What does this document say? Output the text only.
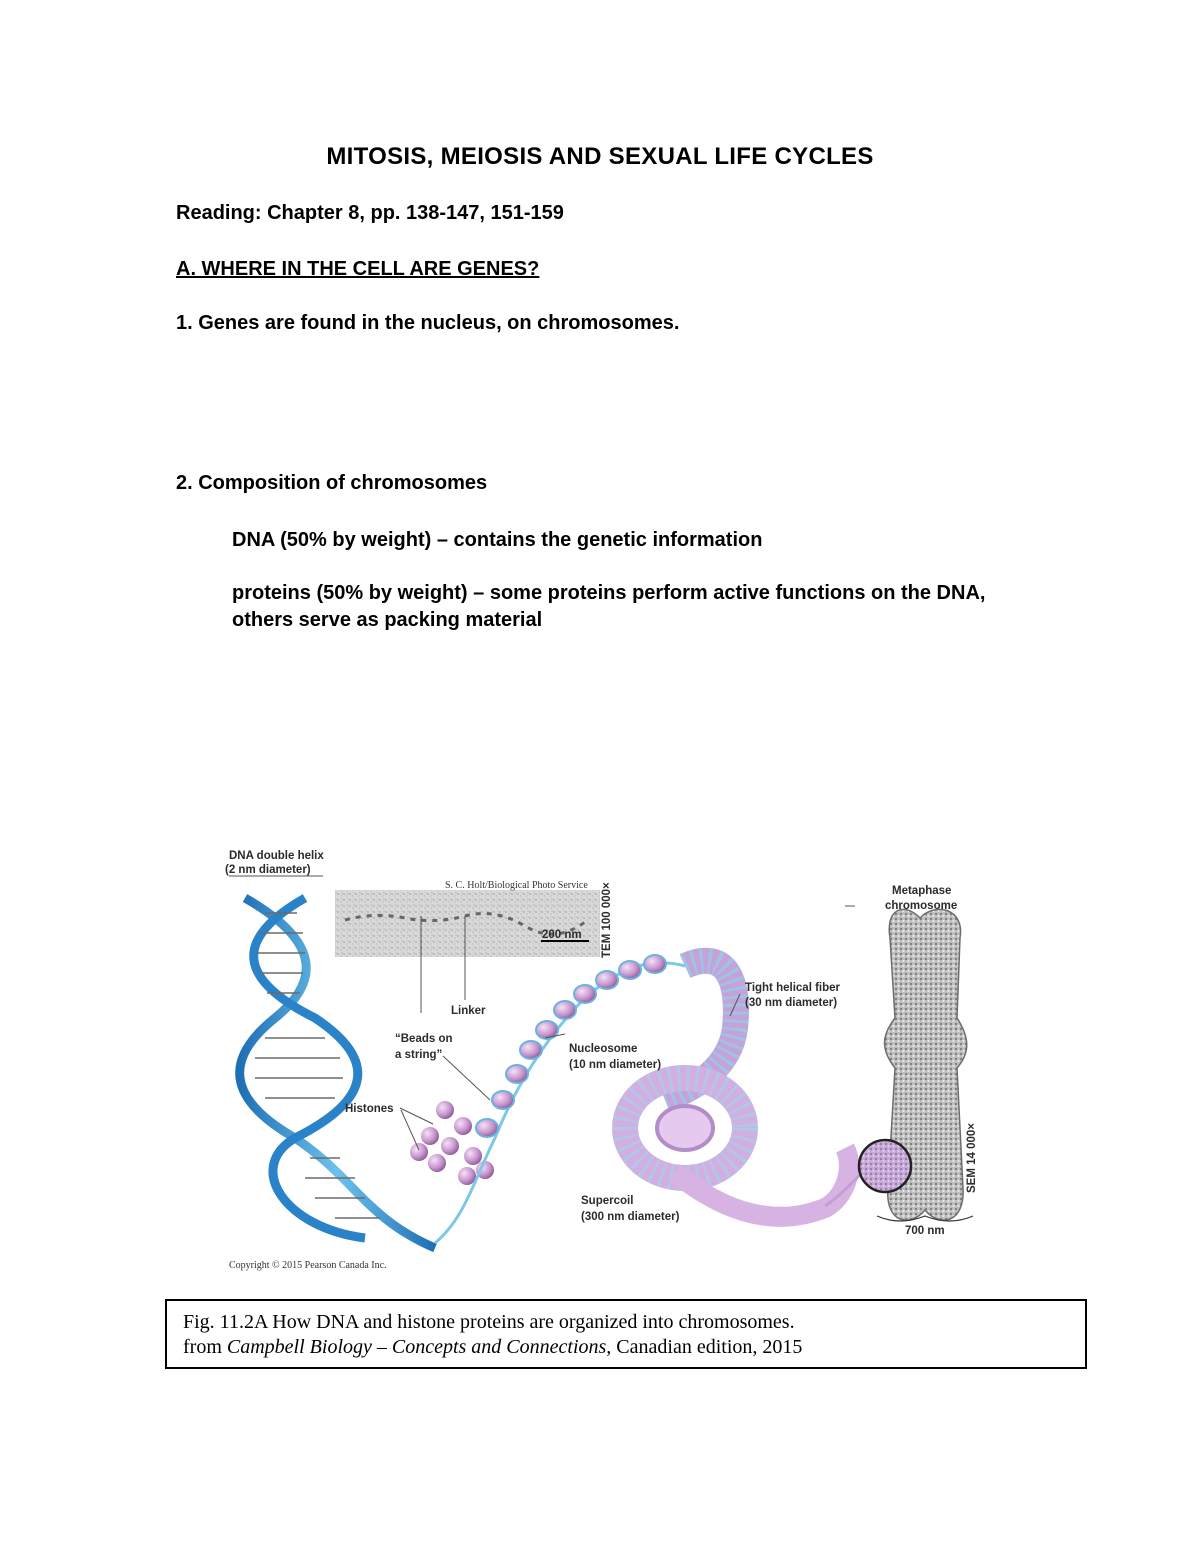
MITOSIS, MEIOSIS AND SEXUAL LIFE CYCLES
Reading: Chapter 8, pp. 138-147, 151-159
A. WHERE IN THE CELL ARE GENES?
1. Genes are found in the nucleus, on chromosomes.
2. Composition of chromosomes
DNA (50% by weight) – contains the genetic information
proteins (50% by weight) – some proteins perform active functions on the DNA, others serve as packing material
S. C. Holt/Biological Photo Service
200 nm TEM 100 000×
SEM 14 000×
DNA double helix
(2 nm diameter)
Linker
“Beads on
a string”	Nucleosome
(10 nm diameter)
Histones
Tight helical fiber
(30 nm diameter)
Supercoil
(300 nm diameter)
Metaphase
chromosome
700 nm
Copyright © 2015 Pearson Canada Inc.
Fig. 11.2A How DNA and histone proteins are organized into chromosomes.
from Campbell Biology – Concepts and Connections, Canadian edition, 2015
